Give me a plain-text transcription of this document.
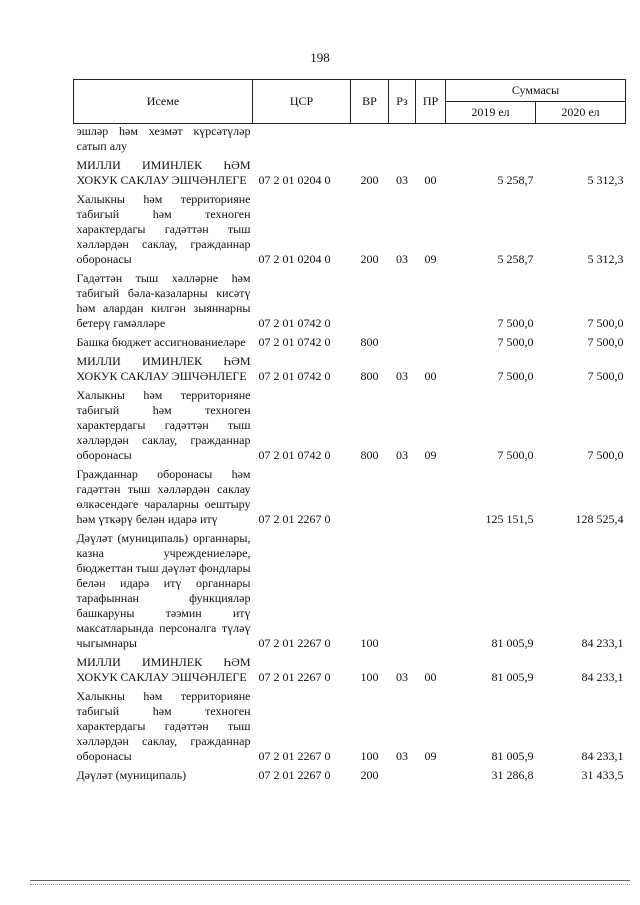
198
Исеме	ЦСР	ВР	Рз	ПР	Суммасы	
					2019 ел	2020 ел
эшләр һәм хезмәт күрсәтүләр сатып алу						
МИЛЛИ ИМИНЛЕК ҺӘМ ХОКУК САКЛАУ ЭШЧӘНЛЕГЕ	07 2 01 0204 0	200	03	00	5 258,7	5 312,3
Халыкны һәм территорияне табигый һәм техноген характердагы гадәттән тыш хәлләрдән саклау, гражданнар оборонасы	07 2 01 0204 0	200	03	09	5 258,7	5 312,3
Гадәттән тыш хәлләрне һәм табигый бәла-казаларны кисәтү һәм алардан килгән зыяннарны бетерү гамәлләре	07 2 01 0742 0				7 500,0	7 500,0
Башка бюджет ассигнованиеләре	07 2 01 0742 0	800			7 500,0	7 500,0
МИЛЛИ ИМИНЛЕК ҺӘМ ХОКУК САКЛАУ ЭШЧӘНЛЕГЕ	07 2 01 0742 0	800	03	00	7 500,0	7 500,0
Халыкны һәм территорияне табигый һәм техноген характердагы гадәттән тыш хәлләрдән саклау, гражданнар оборонасы	07 2 01 0742 0	800	03	09	7 500,0	7 500,0
Гражданнар оборонасы һәм гадәттән тыш хәлләрдән саклау өлкәсендәге чараларны оештыру һәм үткәрү белән идарә итү	07 2 01 2267 0				125 151,5	128 525,4
Дәүләт (муниципаль) органнары, казна учреждениеләре, бюджеттан тыш дәүләт фондлары белән идарә итү органнары тарафыннан функцияләр башкаруны тәэмин итү максатларында персоналга түләү чыгымнары	07 2 01 2267 0	100			81 005,9	84 233,1
МИЛЛИ ИМИНЛЕК ҺӘМ ХОКУК САКЛАУ ЭШЧӘНЛЕГЕ	07 2 01 2267 0	100	03	00	81 005,9	84 233,1
Халыкны һәм территорияне табигый һәм техноген характердагы гадәттән тыш хәлләрдән саклау, гражданнар оборонасы	07 2 01 2267 0	100	03	09	81 005,9	84 233,1
Дәүләт (муниципаль)	07 2 01 2267 0	200			31 286,8	31 433,5
